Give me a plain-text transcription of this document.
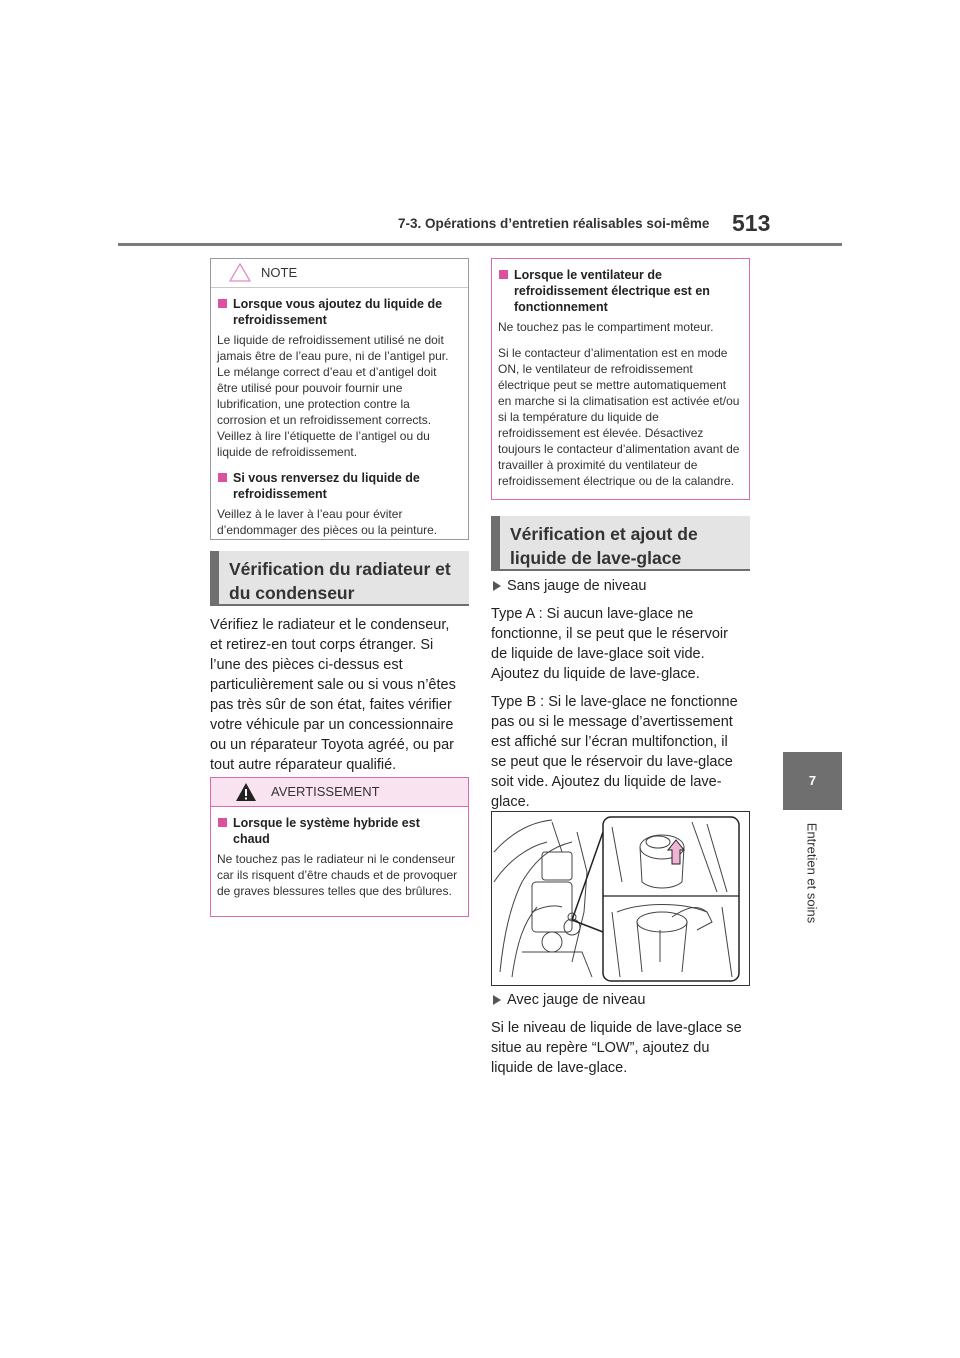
7-3. Opérations d’entretien réalisables soi-même 513
7
Entretien et soins
NOTE
Lorsque vous ajoutez du liquide de refroidissement

Le liquide de refroidissement utilisé ne doit jamais être de l’eau pure, ni de l’antigel pur. Le mélange correct d’eau et d’antigel doit être utilisé pour pouvoir fournir une lubrification, une protection contre la corrosion et un refroidissement corrects. Veillez à lire l’étiquette de l’antigel ou du liquide de refroidissement.

Si vous renversez du liquide de refroidissement

Veillez à le laver à l’eau pour éviter d’endommager des pièces ou la peinture.

Vérification du radiateur et du condenseur

Vérifiez le radiateur et le condenseur, et retirez-en tout corps étranger. Si l’une des pièces ci-dessus est particulièrement sale ou si vous n’êtes pas très sûr de son état, faites vérifier votre véhicule par un concessionnaire ou un réparateur Toyota agréé, ou par tout autre réparateur qualifié.

AVERTISSEMENT
Lorsque le système hybride est chaud

Ne touchez pas le radiateur ni le condenseur car ils risquent d’être chauds et de provoquer de graves blessures telles que des brûlures.

Lorsque le ventilateur de refroidissement électrique est en fonctionnement

Ne touchez pas le compartiment moteur.

Si le contacteur d’alimentation est en mode ON, le ventilateur de refroidissement électrique peut se mettre automatiquement en marche si la climatisation est activée et/ou si la température du liquide de refroidissement est élevée. Désactivez toujours le contacteur d’alimentation avant de travailler à proximité du ventilateur de refroidissement électrique ou de la calandre.

Vérification et ajout de liquide de lave-glace
Sans jauge de niveau

Type A : Si aucun lave-glace ne fonctionne, il se peut que le réservoir de liquide de lave-glace soit vide. Ajoutez du liquide de lave-glace.

Type B : Si le lave-glace ne fonctionne pas ou si le message d’avertissement est affiché sur l’écran multifonction, il se peut que le réservoir du lave-glace soit vide. Ajoutez du liquide de lave-glace.

Avec jauge de niveau

Si le niveau de liquide de lave-glace se situe au repère “LOW”, ajoutez du liquide de lave-glace.
